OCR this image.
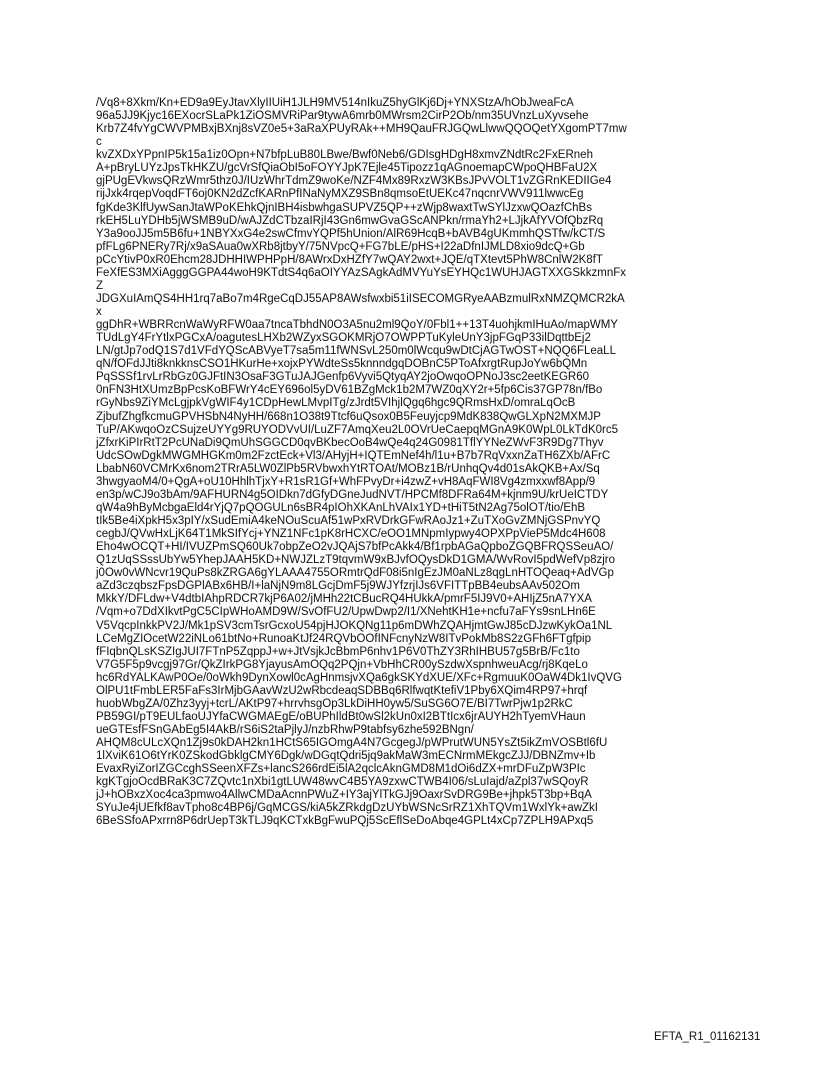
/Vq8+8Xkm/Kn+ED9a9EyJtavXlyIIUiH1JLH9MV514nIkuZ5hyGlKj6Dj+YNXStzA/hObJweaFcA
96a5JJ9Kjyc16EXocrSLaPk1ZiOSMVRiPar9tywA6mrb0MWrsm2CirP2Ob/nm35UVnzLuXyvsehe
Krb7Z4fvYgCWVPMBxjBXnj8sVZ0e5+3aRaXPUyRAk++MH9QauFRJGQwLlwwQQOQetYXgomPT7mw
c
kvZXDxYPpnIP5k15a1iz0Opn+N7bfpLuB80LBwe/Bwf0Neb6/GDIsgHDgH8xmvZNdtRc2FxERneh
A+pBryLUYzJpsTkHKZU/gcVrSfQiaObI5oFOYYJpK7Ejle45Tipozz1qAGnoemapCWpoQHBFaU2X
gjPUgEVkwsQRzWmr5thz0J/IUzWhrTdmZ9woKe/NZF4Mx89RxzW3KBsJPvVOLT1vZGRnKEDIIGe4
rijJxk4rqepVoqdFT6oj0KN2dZcfKARnPfINaNyMXZ9SBn8qmsoEtUEKc47nqcnrVWV911lwwcEg
fgKde3KlfUywSanJtaWPoKEhkQjnIBH4isbwhgaSUPVZ5QP++zWjp8waxtTwSYlJzxwQOazfChBs
rkEH5LuYDHb5jWSMB9uD/wAJZdCTbzaIRjI43Gn6mwGvaGScANPkn/rmaYh2+LJjkAfYVOfQbzRq
Y3a9ooJJ5m5B6fu+1NBYXxG4e2swCfmvYQPf5hUnion/AlR69HcqB+bAVB4gUKmmhQSTfw/kCT/S
pfFLg6PNERy7Rj/x9aSAua0wXRb8jtbyY/75NVpcQ+FG7bLE/pHS+I22aDfnIJMLD8xio9dcQ+Gb
pCcYtivP0xR0Ehcm28JDHHIWPHPpH/8AWrxDxHZfY7wQAY2wxt+JQE/qTXtevt5PhW8CnlW2K8fT
FeXfES3MXiAgggGGPA44woH9KTdtS4q6aOIYYAzSAgkAdMVYuYsEYHQc1WUHJAGTXXGSkkzmnFx
Z
JDGXuIAmQS4HH1rq7aBo7m4RgeCqDJ55AP8AWsfwxbi51iISECOMGRyeAABzmulRxNMZQMCR2kA
x
ggDhR+WBRRcnWaWyRFW0aa7tncaTbhdN0O3A5nu2ml9QoY/0Fbl1++13T4uohjkmIHuAo/mapWMY
TUdLgY4FrYtlxPGCxA/oagutesLHXb2WZyxSGOKMRjO7OWPPTuKyleUnY3jpFGqP33ilDqttbEj2
LN/gtJp7odQ1S7d1VFdYQScABVyeT7sa5m11fWNSvL250m0lWcqu9wDtCjAGTwOST+NQQ6FLeaLL
qN/fOFdJJti8knkknsCSO1HKurHe+xojxPYWdteSs5knnndgqDOBnC5PToAfxrgtRupJoYw6bQMn
PqSSSf1rvLrRbGz0GJFtIN3OsaF3GTuJAJGenfp6Vyvi5QtyqAY2joOwqoOPNoJ3sc2eetKEGR60
0nFN3HtXUmzBpPcsKoBFWrY4cEY696ol5yDV61BZgMck1b2M7WZ0qXY2r+5fp6Cis37GP78n/fBo
rGyNbs9ZiYMcLgjpkVgWIF4y1CDpHewLMvpITg/zJrdt5VIhjlQgq6hgc9QRmsHxD/omraLqOcB
ZjbufZhgfkcmuGPVHSbN4NyHH/668n1O38t9Ttcf6uQsox0B5Feuyjcp9MdK838QwGLXpN2MXMJP
TuP/AKwqoOzCSujzeUYYg9RUYODVvUI/LuZF7AmqXeu2L0OVrUeCaepqMGnA9K0WpL0LkTdK0rc5
jZfxrKiPIrRtT2PcUNaDi9QmUhSGGCD0qvBKbecOoB4wQe4q24G0981TflYYNeZWvF3R9Dg7Thyv
UdcSOwDgkMWGMHGKm0m2FzctEck+Vl3/AHyjH+IQTEmNef4h/l1u+B7b7RqVxxnZaTH6ZXb/AFrC
LbabN60VCMrKx6nom2TRrA5LW0ZlPb5RVbwxhYtRTOAt/MOBz1B/rUnhqQv4d01sAkQKB+Ax/Sq
3hwgyaoM4/0+QgA+oU10HhlhTjxY+R1sR1Gf+WhFPvyDr+i4zwZ+vH8AqFWI8Vg4zmxxwf8App/9
en3p/wCJ9o3bAm/9AFHURN4g5OIDkn7dGfyDGneJudNVT/HPCMf8DFRa64M+kjnm9U/krUeICTDY
qW4a9hByMcbgaEld4rYjQ7pQOGULn6sBR4pIOhXKAnLhVAIx1YD+tHiT5tN2Ag75olOT/tio/EhB
tIk5Be4iXpkH5x3pIY/xSudEmiA4keNOuScuAf51wPxRVDrkGFwRAoJz1+ZuTXoGvZMNjGSPnvYQ
cegbJ/QVwHxLjK64T1MkSIfYcj+YNZ1NFc1pK8rHCXC/eOO1MNpmIypwy4OPXPpVieP5Mdc4H608
Eho4wOCQT+HI/IVUZPmSQ60Uk7obpZeO2vJQAjS7bfPcAkk4/Bf1rpbAGaQpboZGQBFRQSSeuAO/
Q1zUqSSssUbYw5YhepJAAH5KD+NWJZLzT9tqvmW9xBJvfOQysDkD1GMA/WvRovI5pdWefVp8zjro
j0Ow0vWNcvr19QuPs8kZRGA6gYLAAA4755ORmtrQdF08i5nIgEzJM0aNLz8qgLnHTOQeaq+AdVGp
aZd3czqbszFpsDGPlABx6HB/I+laNjN9m8LGcjDmF5j9WJYfzrjIJs6VFITTpBB4eubsAAv502Om
MkkY/DFLdw+V4dtbIAhpRDCR7kjP6A02/jMHh22tCBucRQ4HUkkA/pmrF5IJ9V0+AHIjZ5nA7YXA
/Vqm+o7DdXIkvtPgC5CIpWHoAMD9W/SvOfFU2/UpwDwp2/I1/XNehtKH1e+ncfu7aFYs9snLHn6E
V5VqcpInkkPV2J/Mk1pSV3cmTsrGcxoU54pjHJOKQNg11p6mDWhZQAHjmtGwJ85cDJzwKykOa1NL
LCeMgZIOcetW22iNLo61btNo+RunoaKtJf24RQVbOOfINFcnyNzW8ITvPokMb8S2zGFh6FTgfpip
fFIqbnQLsKSZIgJUI7FTnP5ZqppJ+w+JtVsjkJcBbmP6nhv1P6V0ThZY3RhIHBU57g5BrB/Fc1to
V7G5F5p9vcgj97Gr/QkZIrkPG8YjayusAmOQq2PQjn+VbHhCR00ySzdwXspnhweuAcg/rj8KqeLo
hc6RdYALKAwP0Oe/0oWkh9DynXowl0cAgHnmsjvXQa6gkSKYdXUE/XFc+RgmuuK0OaW4Dk1IvQVG
OlPU1tFmbLER5FaFs3IrMjbGAavWzU2wRbcdeaqSDBBq6RlfwqtKtefiV1Pby6XQim4RP97+hrqf
huobWbgZA/0Zhz3yyj+tcrL/AKtP97+hrrvhsgOp3LkDiHH0yw5/SuSG6O7E/BI7TwrPjw1p2RkC
PB59GI/pT9EULfaoUJYfaCWGMAEgE/oBUPhIldBt0wSl2kUn0xI2BTtIcx6jrAUYH2hTyemVHaun
ueGTEsfFSnGAbEg5I4AkB/rS6iS2taPjlyJ/nzbRhwP9tabfsy6zhe592BNgn/
AHQM8cULcXQn1Zj9s0kDAH2kn1HCtS65IGOmgA4N7GcgegJ/pWPrutWUN5YsZt5ikZmVOSBtl6fU
1lXviK61O6tYrK0ZSkodGbklgCMY6Dgk/wDGqtQdri5jq9akMaW3mECNrmMEkgcZJJ/DBNZmv+Ib
EvaxRyiZorIZGCcghSSeenXFZs+lancS266rdEi5lA2qclcAknGMD8M1dOi6dZX+mrDFuZpW3PIc
kgKTgjoOcdBRaK3C7ZQvtc1nXbi1gtLUW48wvC4B5YA9zxwCTWB4I06/sLuIajd/aZpl37wSQoyR
jJ+hOBxzXoc4ca3pmwo4AllwCMDaAcnnPWuZ+IY3ajYlTkGJj9OaxrSvDRG9Be+jhpk5T3bp+BqA
SYuJe4jUEfkf8avTpho8c4BP6j/GqMCGS/kiA5kZRkdgDzUYbWSNcSrRZ1XhTQVm1WxlYk+awZkI
6BeSSfoAPxrrn8P6drUepT3kTLJ9qKCTxkBgFwuPQj5ScEflSeDoAbqe4GPLt4xCp7ZPLH9APxq5
EFTA_R1_01162131
